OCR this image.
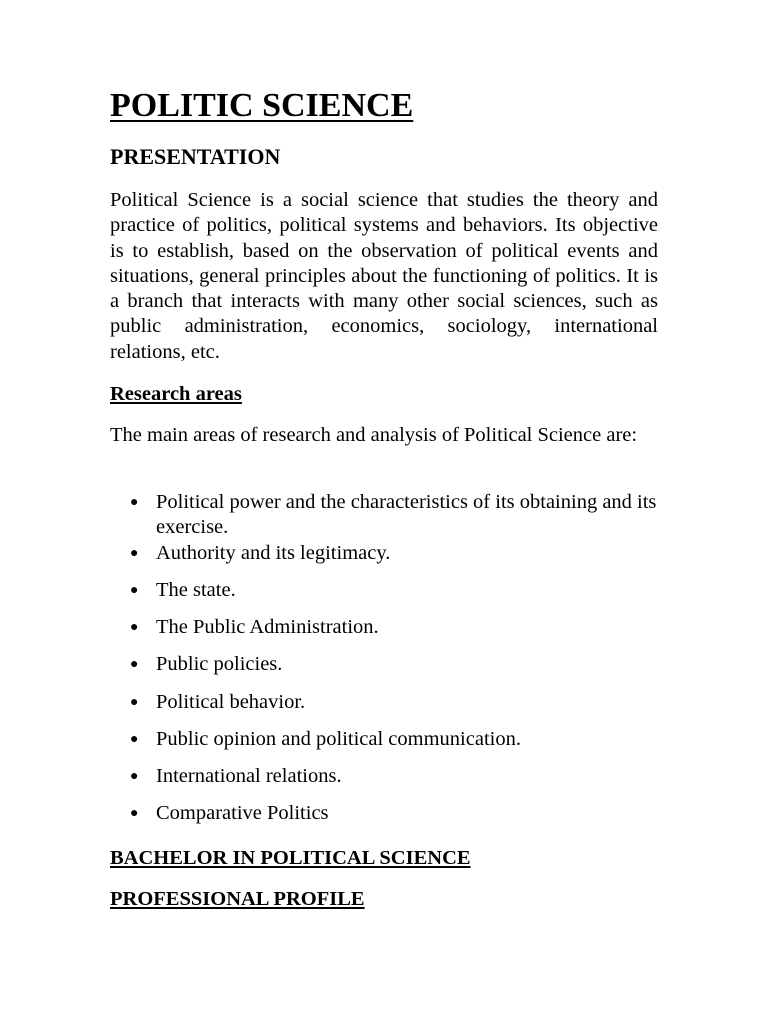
POLITIC SCIENCE
PRESENTATION

Political Science is a social science that studies the theory and practice of politics, political systems and behaviors. Its objective is to establish, based on the observation of political events and situations, general principles about the functioning of politics. It is a branch that interacts with many other social sciences, such as public administration, economics, sociology, international relations, etc.

Research areas

The main areas of research and analysis of Political Science are:

● Political power and the characteristics of its obtaining and its exercise.
● Authority and its legitimacy.
● The state.
● The Public Administration.
● Public policies.
● Political behavior.
● Public opinion and political communication.
● International relations.
● Comparative Politics
BACHELOR IN POLITICAL SCIENCE
PROFESSIONAL PROFILE
